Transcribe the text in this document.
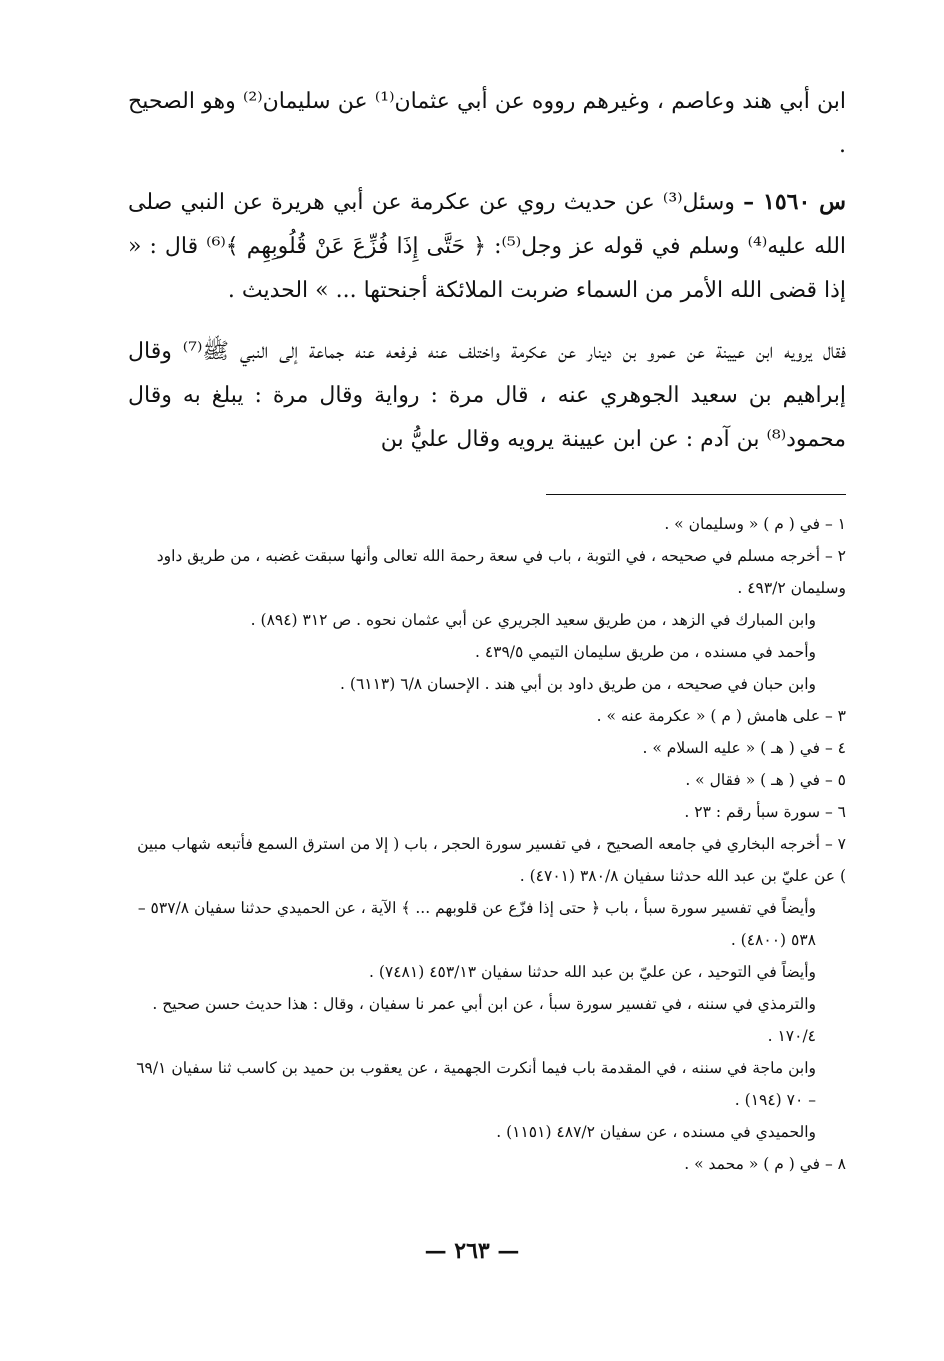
ابن أبي هند وعاصم ، وغيرهم رووه عن أبي عثمان⁽¹⁾ عن سليمان⁽²⁾ وهو الصحيح .

س ١٥٦٠ – وسئل⁽³⁾ عن حديث روي عن عكرمة عن أبي هريرة عن النبي صلى الله عليه⁽⁴⁾ وسلم في قوله عز وجل⁽⁵⁾: ﴿ حَتَّى إِذَا فُزِّعَ عَنْ قُلُوبِهِم ﴾⁽⁶⁾ قال : « إذا قضى الله الأمر من السماء ضربت الملائكة أجنحتها ... » الحديث .

فقال يرويه ابن عيينة عن عمرو بن دينار عن عكرمة واختلف عنه فرفعه عنه جماعة إلى النبي ﷺ⁽⁷⁾ وقال إبراهيم بن سعيد الجوهري عنه ، قال مرة : رواية وقال مرة : يبلغ به وقال محمود⁽⁸⁾ بن آدم : عن ابن عيينة يرويه وقال عليُّ بن

١ – في ( م ) « وسليمان » .

٢ – أخرجه مسلم في صحيحه ، في التوبة ، باب في سعة رحمة الله تعالى وأنها سبقت غضبه ، من طريق داود وسليمان ٤٩٣/٢ .

وابن المبارك في الزهد ، من طريق سعيد الجريري عن أبي عثمان نحوه . ص ٣١٢ (٨٩٤) .

وأحمد في مسنده ، من طريق سليمان التيمي ٤٣٩/٥ .

وابن حبان في صحيحه ، من طريق داود بن أبي هند . الإحسان ٦/٨ (٦١١٣) .

٣ – على هامش ( م ) « عكرمة عنه » .

٤ – في ( هـ ) « عليه السلام » .

٥ – في ( هـ ) « فقال » .

٦ – سورة سبأ رقم : ٢٣ .

٧ – أخرجه البخاري في جامعه الصحيح ، في تفسير سورة الحجر ، باب ( إلا من استرق السمع فأتبعه شهاب مبين ) عن عليّ بن عبد الله حدثنا سفيان ٣٨٠/٨ (٤٧٠١) .

وأيضاً في تفسير سورة سبأ ، باب ﴿ حتى إذا فزّع عن قلوبهم ... ﴾ الآية ، عن الحميدي حدثنا سفيان ٥٣٧/٨ – ٥٣٨ (٤٨٠٠) .

وأيضاً في التوحيد ، عن عليّ بن عبد الله حدثنا سفيان ٤٥٣/١٣ (٧٤٨١) .

والترمذي في سننه ، في تفسير سورة سبأ ، عن ابن أبي عمر نا سفيان ، وقال : هذا حديث حسن صحيح . ١٧٠/٤ .

وابن ماجة في سننه ، في المقدمة باب فيما أنكرت الجهمية ، عن يعقوب بن حميد بن كاسب ثنا سفيان ٦٩/١ – ٧٠ (١٩٤) .

والحميدي في مسنده ، عن سفيان ٤٨٧/٢ (١١٥١) .

٨ – في ( م ) « محمد » .

— ٢٦٣ —
